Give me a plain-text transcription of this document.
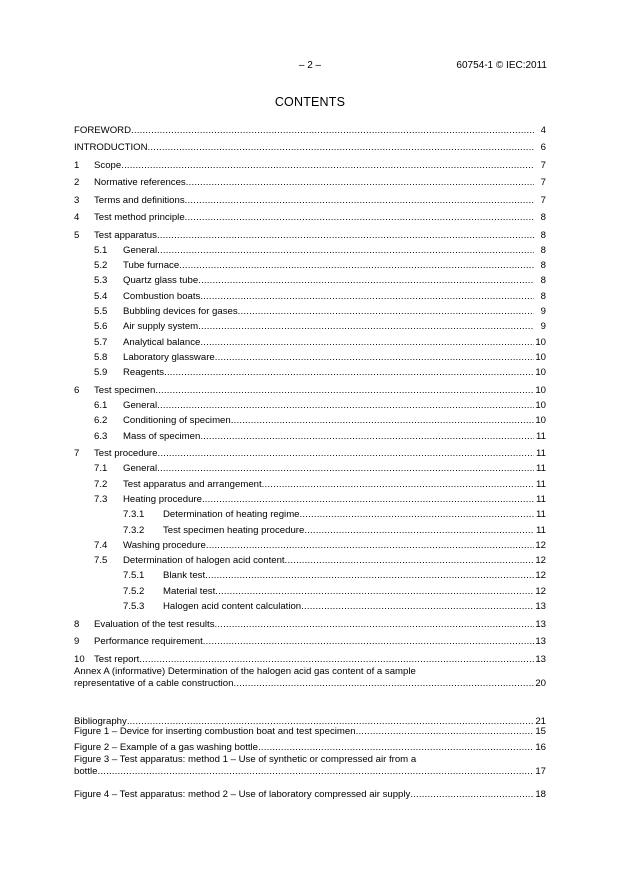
– 2 –	60754-1 © IEC:2011
CONTENTS
FOREWORD .....	4
INTRODUCTION .....	6
1	Scope .....	7
2	Normative references .....	7
3	Terms and definitions .....	7
4	Test method principle .....	8
5	Test apparatus .....	8
5.1	General .....	8
5.2	Tube furnace .....	8
5.3	Quartz glass tube .....	8
5.4	Combustion boats .....	8
5.5	Bubbling devices for gases .....	9
5.6	Air supply system .....	9
5.7	Analytical balance .....	10
5.8	Laboratory glassware .....	10
5.9	Reagents .....	10
6	Test specimen .....	10
6.1	General .....	10
6.2	Conditioning of specimen .....	10
6.3	Mass of specimen .....	11
7	Test procedure .....	11
7.1	General .....	11
7.2	Test apparatus and arrangement .....	11
7.3	Heating procedure .....	11
7.3.1	Determination of heating regime .....	11
7.3.2	Test specimen heating procedure .....	11
7.4	Washing procedure .....	12
7.5	Determination of halogen acid content .....	12
7.5.1	Blank test .....	12
7.5.2	Material test .....	12
7.5.3	Halogen acid content calculation .....	13
8	Evaluation of the test results .....	13
9	Performance requirement .....	13
10 Test report .....	13
Annex A (informative) Determination of the halogen acid gas content of a sample
representative of a cable construction .....	20
Bibliography .....	21
Figure 1 – Device for inserting combustion boat and test specimen .....	15
Figure 2 – Example of a gas washing bottle .....	16
Figure 3 – Test apparatus: method 1 – Use of synthetic or compressed air from a
bottle .....	17
Figure 4 – Test apparatus: method 2 – Use of laboratory compressed air supply .....	18
